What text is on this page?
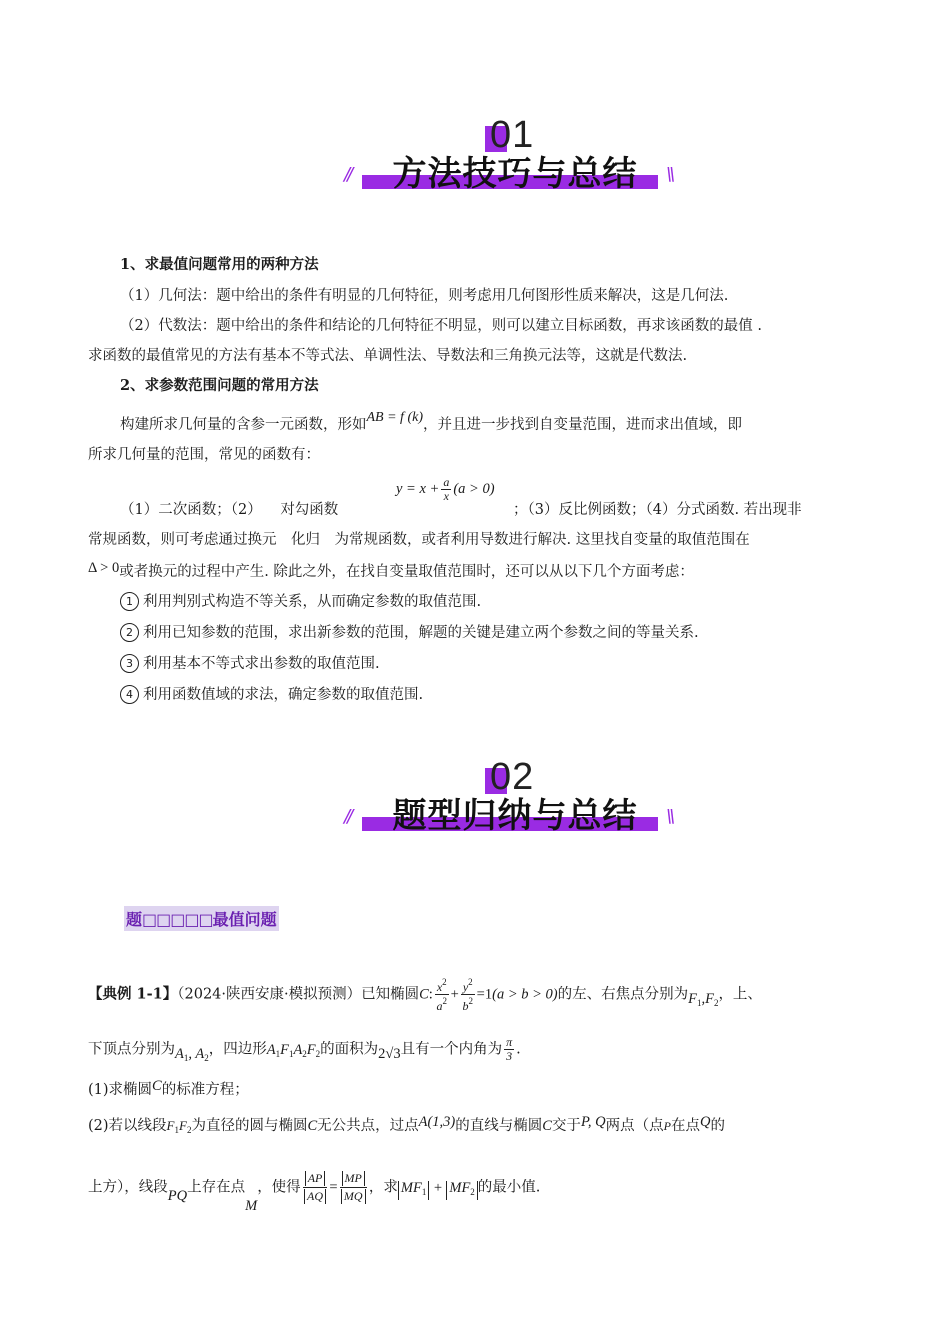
01
方法技巧与总结
//	\\
1、求最值问题常用的两种方法
（1）几何法：题中给出的条件有明显的几何特征，则考虑用几何图形性质来解决，这是几何法.
（2）代数法：题中给出的条件和结论的几何特征不明显，则可以建立目标函数，再求该函数的最值 .
求函数的最值常见的方法有基本不等式法、单调性法、导数法和三角换元法等，这就是代数法.
2、求参数范围问题的常用方法
构建所求几何量的含参一元函数，形如AB = f (k)，并且进一步找到自变量范围，进而求出值域，即
所求几何量的范围，常见的函数有：
（1）二次函数；（2） 对勾函数
$y = x + \frac{a}{x} (a > 0)$
；（3）反比例函数；（4）分式函数. 若出现非
常规函数，则可考虑通过换元　化归　为常规函数，或者利用导数进行解决. 这里找自变量的取值范围在
Δ > 0或者换元的过程中产生. 除此之外，在找自变量取值范围时，还可以从以下几个方面考虑：
1 利用判别式构造不等关系，从而确定参数的取值范围.
2 利用已知参数的范围，求出新参数的范围，解题的关键是建立两个参数之间的等量关系.
3 利用基本不等式求出参数的取值范围.
4 利用函数值域的求法，确定参数的取值范围.
02
题型归纳与总结
//	\\
题□□□□□最值问题
【典例 1-1】（2024·陕西安康·模拟预测）已知椭圆C: $\frac{x^2}{a^2} + \frac{y^2}{b^2} =1(a > b > 0)$的左、右焦点分别为$F_1,F_2$，上、
下顶点分别为$A_1$, $A_2$，四边形$A_1F_1A_2F_2$的面积为2√3且有一个内角为 $\frac{\pi}{3}$ .
(1)求椭圆C的标准方程；
(2)若以线段$F_1F_2$为直径的圆与椭圆C无公共点，过点A(1,3)的直线与椭圆C交于P, Q两点（点P在点Q的
上方），线段PQ上存在点M，使得 $\frac{AP}{AQ} = \frac{MP}{MQ}$ ，求 $MF_1 + MF_2$ 的最小值.
